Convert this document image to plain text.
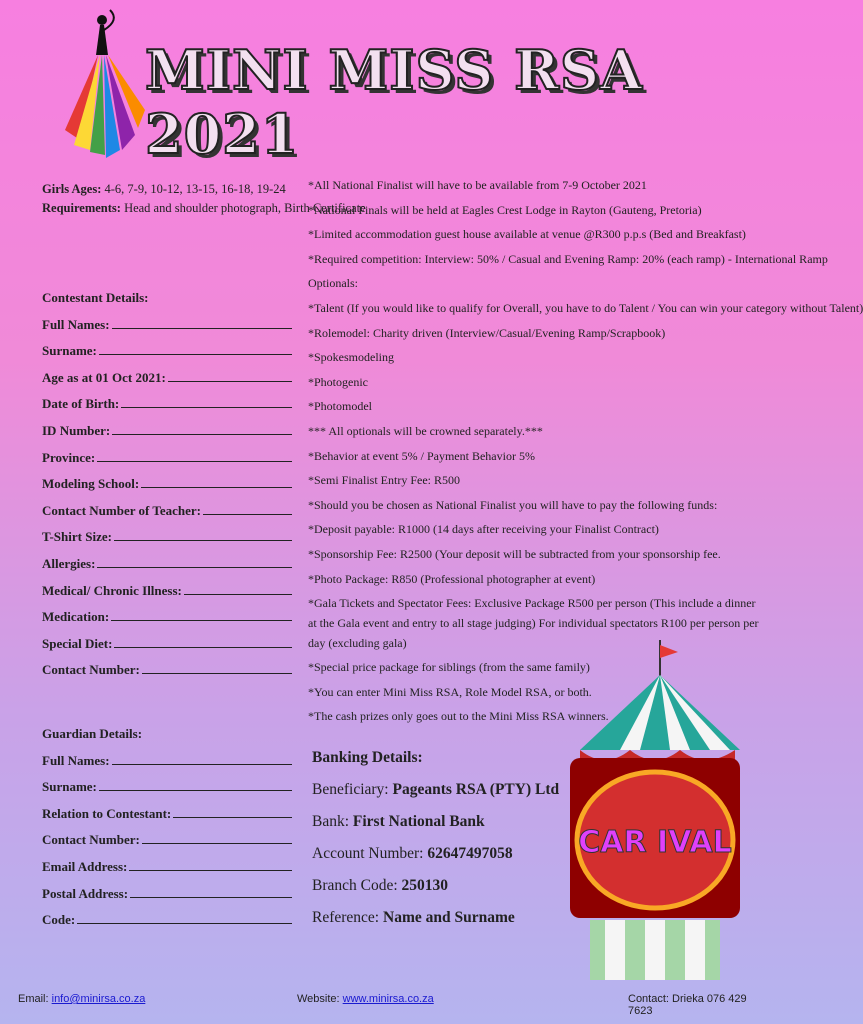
MINI MISS RSA 2021
Girls Ages: 4-6, 7-9, 10-12, 13-15, 16-18, 19-24
Requirements: Head and shoulder photograph, Birth Certificate
Contestant Details:
Full Names:
Surname:
Age as at 01 Oct 2021:
Date of Birth:
ID Number:
Province:
Modeling School:
Contact Number of Teacher:
T-Shirt Size:
Allergies:
Medical/ Chronic Illness:
Medication:
Special Diet:
Contact Number:
Guardian Details:
Full Names:
Surname:
Relation to Contestant:
Contact Number:
Email Address:
Postal Address:
Code:
*All National Finalist will have to be available from 7-9 October 2021
*National Finals will be held at Eagles Crest Lodge in Rayton (Gauteng, Pretoria)
*Limited accommodation guest house available at venue @R300 p.p.s (Bed and Breakfast)
*Required competition: Interview: 50% / Casual and Evening Ramp: 20% (each ramp) - International Ramp
Optionals:
*Talent (If you would like to qualify for Overall, you have to do Talent / You can win your category without Talent)
*Rolemodel: Charity driven (Interview/Casual/Evening Ramp/Scrapbook)
*Spokesmodeling
*Photogenic
*Photomodel
*** All optionals will be crowned separately.***
*Behavior at event 5% / Payment Behavior 5%
*Semi Finalist Entry Fee: R500
*Should you be chosen as National Finalist you will have to pay the following funds:
*Deposit payable: R1000 (14 days after receiving your Finalist Contract)
*Sponsorship Fee: R2500 (Your deposit will be subtracted from your sponsorship fee.
*Photo Package: R850 (Professional photographer at event)
*Gala Tickets and Spectator Fees: Exclusive Package R500 per person (This include a dinner at the Gala event and entry to all stage judging) For individual spectators R100 per person per day (excluding gala)
*Special price package for siblings (from the same family)
*You can enter Mini Miss RSA, Role Model RSA, or both.
*The cash prizes only goes out to the Mini Miss RSA winners.
Banking Details:
Beneficiary: Pageants RSA (PTY) Ltd
Bank: First National Bank
Account Number: 62647497058
Branch Code: 250130
Reference: Name and Surname
CAR IVAL
Email: info@minirsa.co.za	Website: www.minirsa.co.za	Contact: Drieka 076 429 7623
